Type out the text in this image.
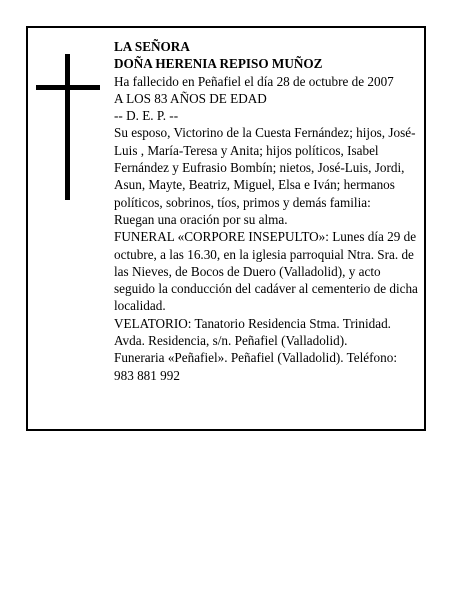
LA SEÑORA

DOÑA HERENIA REPISO MUÑOZ

Ha fallecido en Peñafiel el día 28 de octubre de 2007

A LOS 83 AÑOS DE EDAD

-- D. E. P. --

Su esposo, Victorino de la Cuesta Fernández; hijos, José-Luis , María-Teresa y Anita; hijos políticos, Isabel Fernández y Eufrasio Bombín; nietos, José-Luis, Jordi, Asun, Mayte, Beatriz, Miguel, Elsa e Iván; hermanos políticos, sobrinos, tíos, primos y demás familia:

Ruegan una oración por su alma.

FUNERAL «CORPORE INSEPULTO»: Lunes día 29 de octubre, a las 16.30, en la iglesia parroquial Ntra. Sra. de las Nieves, de Bocos de Duero (Valladolid), y acto seguido la conducción del cadáver al cementerio de dicha localidad.

VELATORIO: Tanatorio Residencia Stma. Trinidad. Avda. Residencia, s/n. Peñafiel (Valladolid).

Funeraria «Peñafiel». Peñafiel (Valladolid). Teléfono: 983 881 992
